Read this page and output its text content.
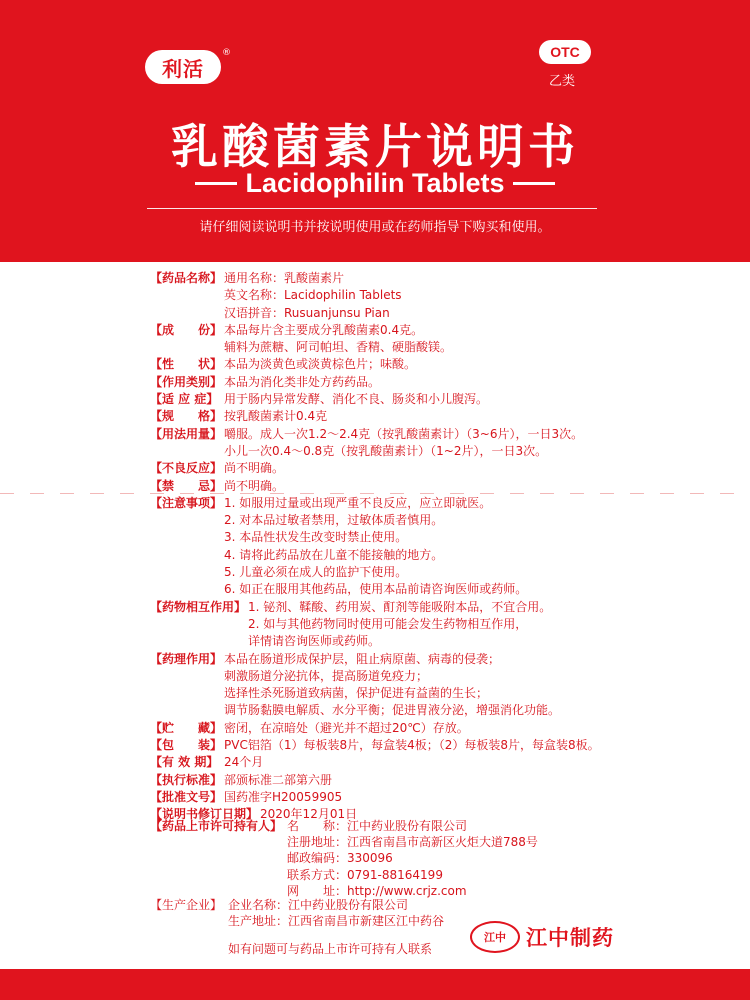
利活
®	OTC
乙类
乳酸菌素片说明书
Lacidophilin Tablets
请仔细阅读说明书并按说明使用或在药师指导下购买和使用。
【药品名称】 通用名称：乳酸菌素片
英文名称：Lacidophilin Tablets
汉语拼音：Rusuanjunsu Pian
【成　　份】 本品每片含主要成分乳酸菌素0.4克。
辅料为蔗糖、阿司帕坦、香精、硬脂酸镁。
【性　　状】 本品为淡黄色或淡黄棕色片；味酸。
【作用类别】 本品为消化类非处方药药品。
【适 应 症】 用于肠内异常发酵、消化不良、肠炎和小儿腹泻。
【规　　格】 按乳酸菌素计0.4克
【用法用量】 嚼服。成人一次1.2～2.4克（按乳酸菌素计）（3~6片），一日3次。
小儿一次0.4～0.8克（按乳酸菌素计）（1~2片），一日3次。
【不良反应】 尚不明确。
【禁　　忌】 尚不明确。
【注意事项】 1. 如服用过量或出现严重不良反应，应立即就医。
2. 对本品过敏者禁用，过敏体质者慎用。
3. 本品性状发生改变时禁止使用。
4. 请将此药品放在儿童不能接触的地方。
5. 儿童必须在成人的监护下使用。
6. 如正在服用其他药品，使用本品前请咨询医师或药师。
【药物相互作用】 1. 铋剂、鞣酸、药用炭、酊剂等能吸附本品，不宜合用。
2. 如与其他药物同时使用可能会发生药物相互作用，
详情请咨询医师或药师。
【药理作用】 本品在肠道形成保护层，阻止病原菌、病毒的侵袭；
刺激肠道分泌抗体，提高肠道免疫力；
选择性杀死肠道致病菌，保护促进有益菌的生长；
调节肠黏膜电解质、水分平衡；促进胃液分泌，增强消化功能。
【贮　　藏】 密闭，在凉暗处（避光并不超过20℃）存放。
【包　　装】 PVC铝箔（1）每板装8片，每盒装4板；（2）每板装8片，每盒装8板。
【有 效 期】 24个月
【执行标准】 部颁标准二部第六册
【批准文号】 国药准字H20059905
【说明书修订日期】 2020年12月01日
【药品上市许可持有人】 名　　称： 江中药业股份有限公司
注册地址： 江西省南昌市高新区火炬大道788号
邮政编码： 330096
联系方式： 0791-88164199
网　　址： http://www.crjz.com
【生产企业】 企业名称： 江中药业股份有限公司
生产地址： 江西省南昌市新建区江中药谷
如有问题可与药品上市许可持有人联系
江中 江中制药
